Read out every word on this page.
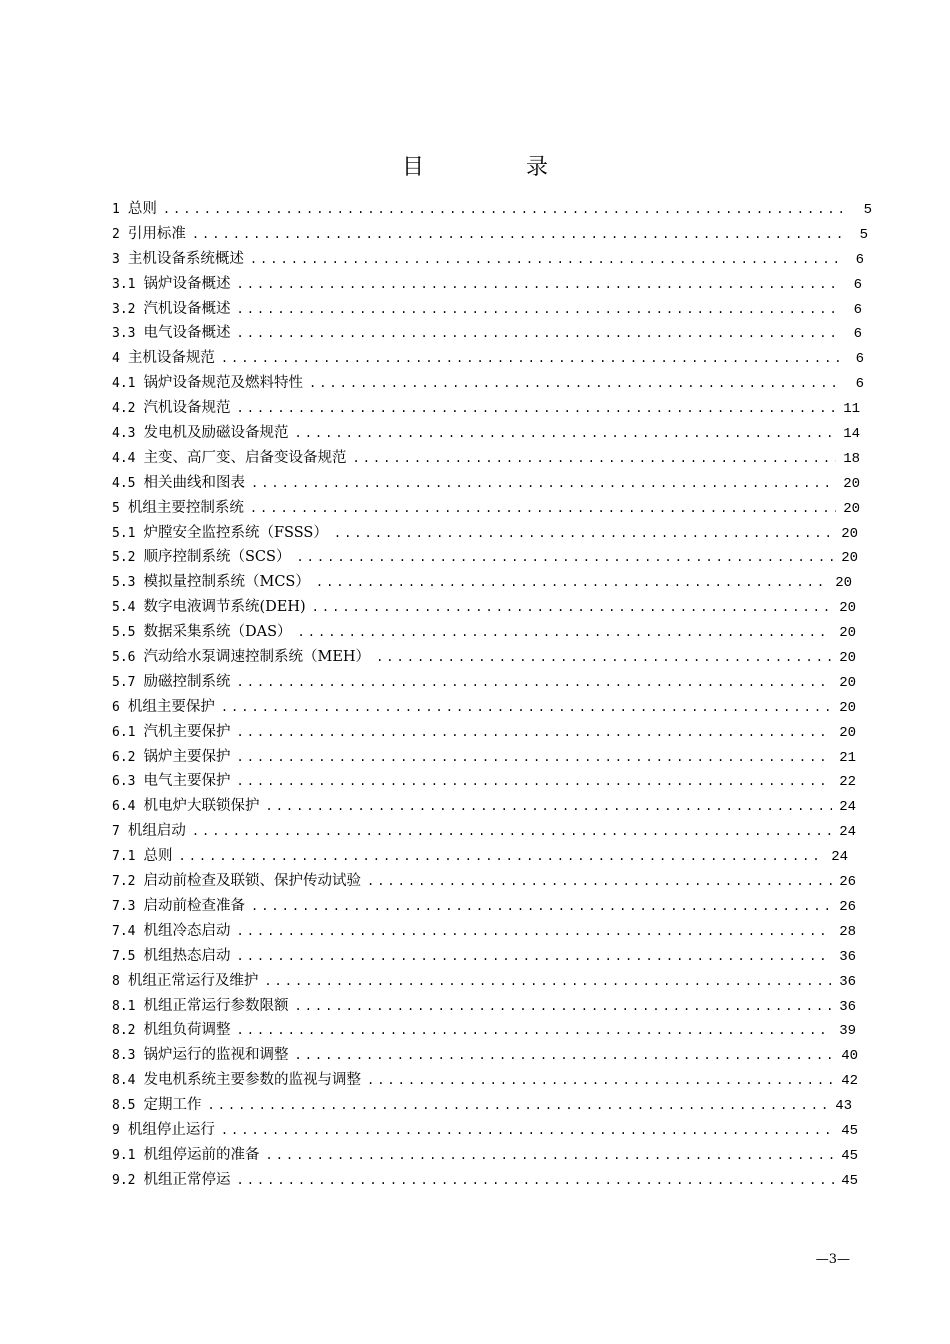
目　录
1 总则 .....	5
2 引用标准 .....	5
3 主机设备系统概述 .....	6
3.1 锅炉设备概述 .....	6
3.2 汽机设备概述 .....	6
3.3 电气设备概述 .....	6
4 主机设备规范 .....	6
4.1 锅炉设备规范及燃料特性 .....	6
4.2 汽机设备规范 .....	11
4.3 发电机及励磁设备规范 .....	14
4.4 主变、高厂变、启备变设备规范 .....	18
4.5 相关曲线和图表 .....	20
5 机组主要控制系统 .....	20
5.1 炉膛安全监控系统（FSSS） .....	20
5.2 顺序控制系统（SCS） .....	20
5.3 模拟量控制系统（MCS） .....	20
5.4 数字电液调节系统(DEH) .....	20
5.5 数据采集系统（DAS） .....	20
5.6 汽动给水泵调速控制系统（MEH） .....	20
5.7 励磁控制系统 .....	20
6 机组主要保护 .....	20
6.1 汽机主要保护 .....	20
6.2 锅炉主要保护 .....	21
6.3 电气主要保护 .....	22
6.4 机电炉大联锁保护 .....	24
7 机组启动 .....	24
7.1 总则 .....	24
7.2 启动前检查及联锁、保护传动试验 .....	26
7.3 启动前检查准备 .....	26
7.4 机组冷态启动 .....	28
7.5 机组热态启动 .....	36
8 机组正常运行及维护 .....	36
8.1 机组正常运行参数限额 .....	36
8.2 机组负荷调整 .....	39
8.3 锅炉运行的监视和调整 .....	40
8.4 发电机系统主要参数的监视与调整 .....	42
8.5 定期工作 .....	43
9 机组停止运行 .....	45
9.1 机组停运前的准备 .....	45
9.2 机组正常停运 .....	45
—3—
